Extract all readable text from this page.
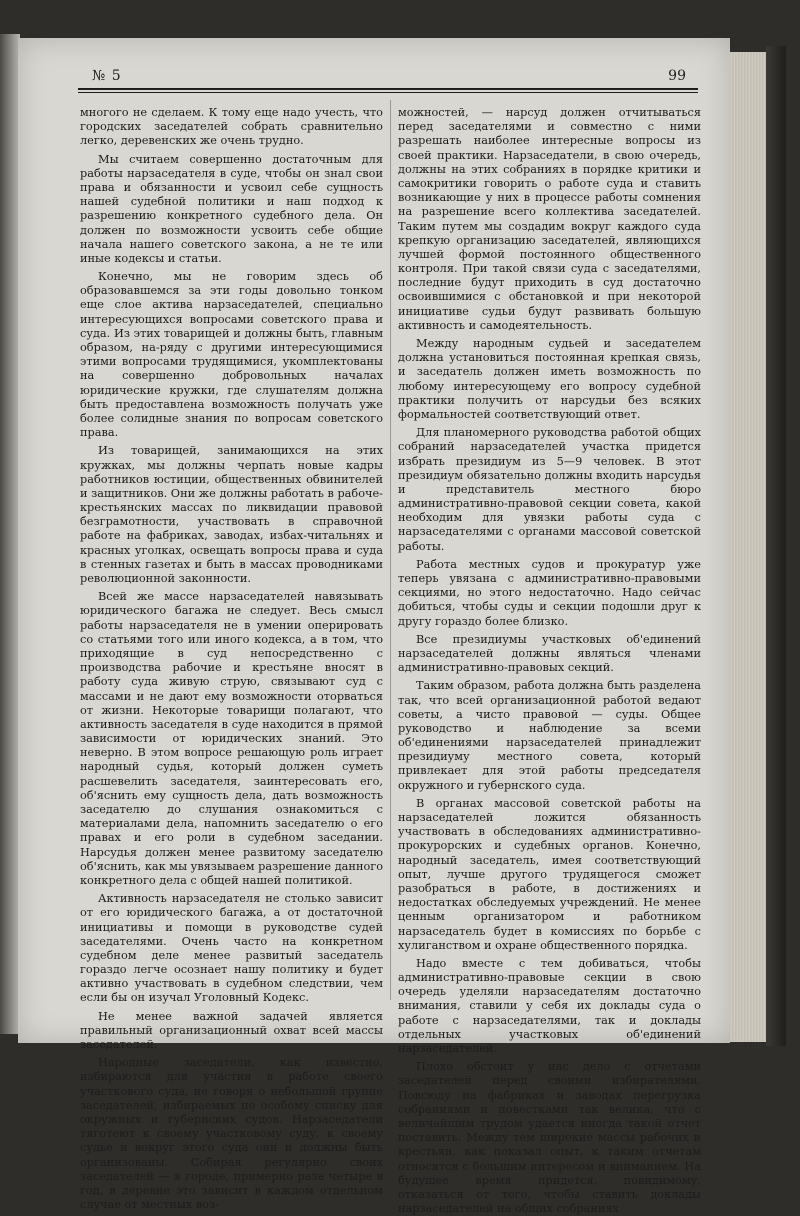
№ 5	99

многого не сделаем. К тому еще надо учесть, что городских заседателей собрать сравнительно легко, деревенских же очень трудно.

Мы считаем совершенно достаточным для работы нарзаседателя в суде, чтобы он знал свои права и обязанности и усвоил себе сущность нашей судебной политики и наш подход к разрешению конкретного судебного дела. Он должен по возможности усвоить себе общие начала нашего советского закона, а не те или иные кодексы и статьи.

Конечно, мы не говорим здесь об образовавшемся за эти годы довольно тонком еще слое актива нарзаседателей, специально интересующихся вопросами советского права и суда. Из этих товарищей и должны быть, главным образом, на-ряду с другими интересующимися этими вопросами трудящимися, укомплектованы на совершенно добровольных началах юридические кружки, где слушателям должна быть предоставлена возможность получать уже более солидные знания по вопросам советского права.

Из товарищей, занимающихся на этих кружках, мы должны черпать новые кадры работников юстиции, общественных обвинителей и защитников. Они же должны работать в рабоче-крестьянских массах по ликвидации правовой безграмотности, участвовать в справочной работе на фабриках, заводах, избах-читальнях и красных уголках, освещать вопросы права и суда в стенных газетах и быть в массах проводниками революционной законности.

Всей же массе нарзаседателей навязывать юридического багажа не следует. Весь смысл работы нарзаседателя не в умении оперировать со статьями того или иного кодекса, а в том, что приходящие в суд непосредственно с производства рабочие и крестьяне вносят в работу суда живую струю, связывают суд с массами и не дают ему возможности оторваться от жизни. Некоторые товарищи полагают, что активность заседателя в суде находится в прямой зависимости от юридических знаний. Это неверно. В этом вопросе решающую роль играет народный судья, который должен суметь расшевелить заседателя, заинтересовать его, об'яснить ему сущность дела, дать возможность заседателю до слушания ознакомиться с материалами дела, напомнить заседателю о его правах и его роли в судебном заседании. Нарсудья должен менее развитому заседателю об'яснить, как мы увязываем разрешение данного конкретного дела с общей нашей политикой.

Активность нарзаседателя не столько зависит от его юридического багажа, а от достаточной инициативы и помощи в руководстве судей заседателями. Очень часто на конкретном судебном деле менее развитый заседатель гораздо легче осознает нашу политику и будет активно участвовать в судебном следствии, чем если бы он изучал Уголовный Кодекс.

Не менее важной задачей является правильный организационный охват всей массы заседателей.

Народные заседатели, как известно, избираются для участия в работе своего участкового суда, не говоря о небольшой группе заседателей, избираемых по особому списку для окружных и губернских судов. Нарзаседатели тяготеют к своему участковому суду, к своему судье и вокруг этого суда они и должны быть организованы. Собирая регулярно своих заседателей — в городе, примерно раза четыре в год, в деревне это зависит в каждом отдельном случае от местных воз-

можностей, — нарсуд должен отчитываться перед заседателями и совместно с ними разрешать наиболее интересные вопросы из своей практики. Нарзаседатели, в свою очередь, должны на этих собраниях в порядке критики и самокритики говорить о работе суда и ставить возникающие у них в процессе работы сомнения на разрешение всего коллектива заседателей. Таким путем мы создадим вокруг каждого суда крепкую организацию заседателей, являющихся лучшей формой постоянного общественного контроля. При такой связи суда с заседателями, последние будут приходить в суд достаточно освоившимися с обстановкой и при некоторой инициативе судьи будут развивать большую активность и самодеятельность.

Между народным судьей и заседателем должна установиться постоянная крепкая связь, и заседатель должен иметь возможность по любому интересующему его вопросу судебной практики получить от нарсудьи без всяких формальностей соответствующий ответ.

Для планомерного руководства работой общих собраний нарзаседателей участка придется избрать президиум из 5—9 человек. В этот президиум обязательно должны входить нарсудья и представитель местного бюро административно-правовой секции совета, какой необходим для увязки работы суда с нарзаседателями с органами массовой советской работы.

Работа местных судов и прокуратур уже теперь увязана с административно-правовыми секциями, но этого недостаточно. Надо сейчас добиться, чтобы суды и секции подошли друг к другу гораздо более близко.

Все президиумы участковых об'единений нарзаседателей должны являться членами административно-правовых секций.

Таким образом, работа должна быть разделена так, что всей организационной работой ведают советы, а чисто правовой — суды. Общее руководство и наблюдение за всеми об'единениями нарзаседателей принадлежит президиуму местного совета, который привлекает для этой работы председателя окружного и губернского суда.

В органах массовой советской работы на нарзаседателей ложится обязанность участвовать в обследованиях административно-прокурорских и судебных органов. Конечно, народный заседатель, имея соответствующий опыт, лучше другого трудящегося сможет разобраться в работе, в достижениях и недостатках обследуемых учреждений. Не менее ценным организатором и работником нарзаседатель будет в комиссиях по борьбе с хулиганством и охране общественного порядка.

Надо вместе с тем добиваться, чтобы административно-правовые секции в свою очередь уделяли нарзаседателям достаточно внимания, ставили у себя их доклады суда о работе с нарзаседателями, так и доклады отдельных участковых об'единений нарзаседателей.

Плохо обстоит у нас дело с отчетами заседателей перед своими избирателями. Повсюду на фабриках и заводах перегрузка собраниями и повестками так велика, что с величайшим трудом удается иногда такой отчет поставить. Между тем широкие массы рабочих и крестьян, как показал опыт, к таким отчетам относятся с большим интересом и вниманием. На будущее время придется, повидимому, отказаться от того, чтобы ставить доклады нарзаседателей на общих собраниях
